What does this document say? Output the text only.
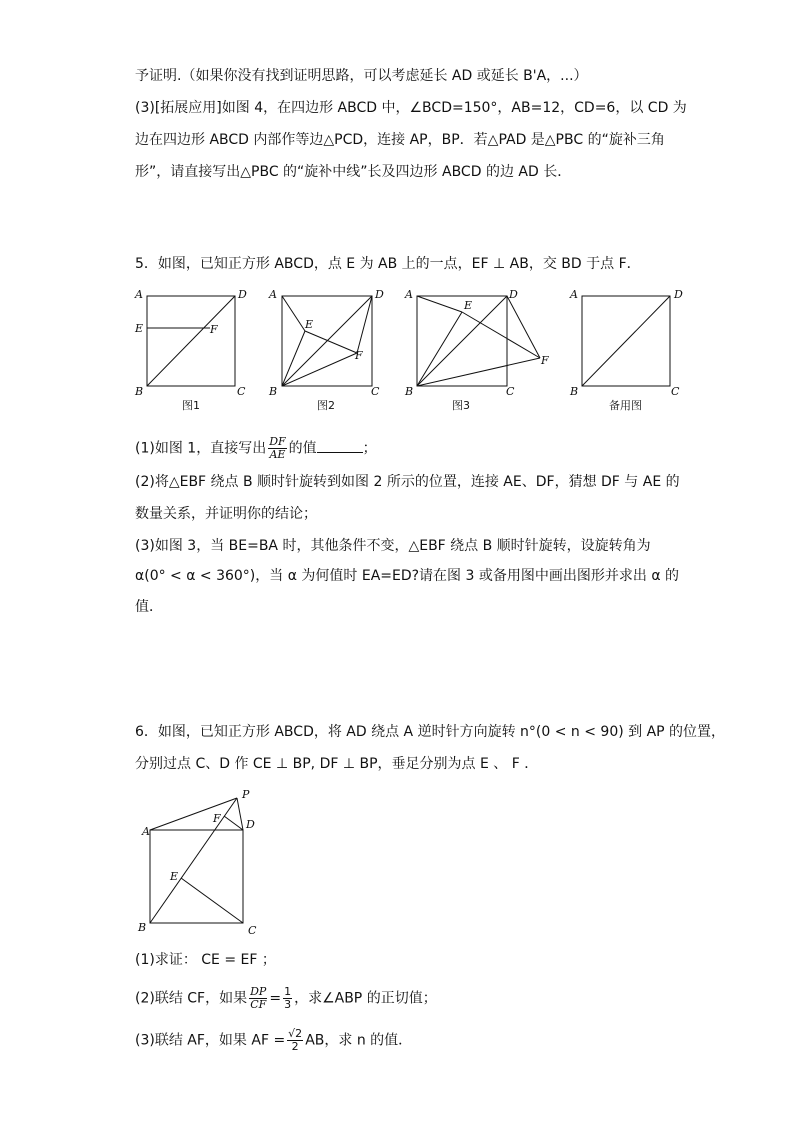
予证明.（如果你没有找到证明思路，可以考虑延长 AD 或延长 B'A，...）
(3)[拓展应用]如图 4，在四边形 ABCD 中，∠BCD=150°，AB=12，CD=6，以 CD 为
边在四边形 ABCD 内部作等边△PCD，连接 AP，BP．若△PAD 是△PBC 的“旋补三角
形”，请直接写出△PBC 的“旋补中线”长及四边形 ABCD 的边 AD 长．
5．如图，已知正方形 ABCD，点 E 为 AB 上的一点，EF ⊥ AB，交 BD 于点 F．
A	D
E	F
B	C
图1
A	D
E
F
B	C
图2
A	D
E
F
B	C
图3
A	D
B	C
备用图
(1)如图 1，直接写出 $\frac{DF}{AE}$ 的值	；
(2)将△EBF 绕点 B 顺时针旋转到如图 2 所示的位置，连接 AE、DF，猜想 DF 与 AE 的
数量关系，并证明你的结论；
(3)如图 3，当 BE=BA 时，其他条件不变，△EBF 绕点 B 顺时针旋转，设旋转角为
α(0° < α < 360°)，当 α 为何值时 EA=ED?请在图 3 或备用图中画出图形并求出 α 的
值．
6．如图，已知正方形 ABCD，将 AD 绕点 A 逆时针方向旋转 n°(0 < n < 90) 到 AP 的位置，
分别过点 C、D 作 CE ⊥ BP, DF ⊥ BP，垂足分别为点 E 、 F ．
A
P
F D
E
B	C
(1)求证： CE = EF ；
(2)联结 CF，如果 $\frac{DP}{CF} = \frac{1}{3}$ ，求∠ABP 的正切值；
(3)联结 AF，如果 AF = $\frac{√2}{2}$ AB，求 n 的值．
